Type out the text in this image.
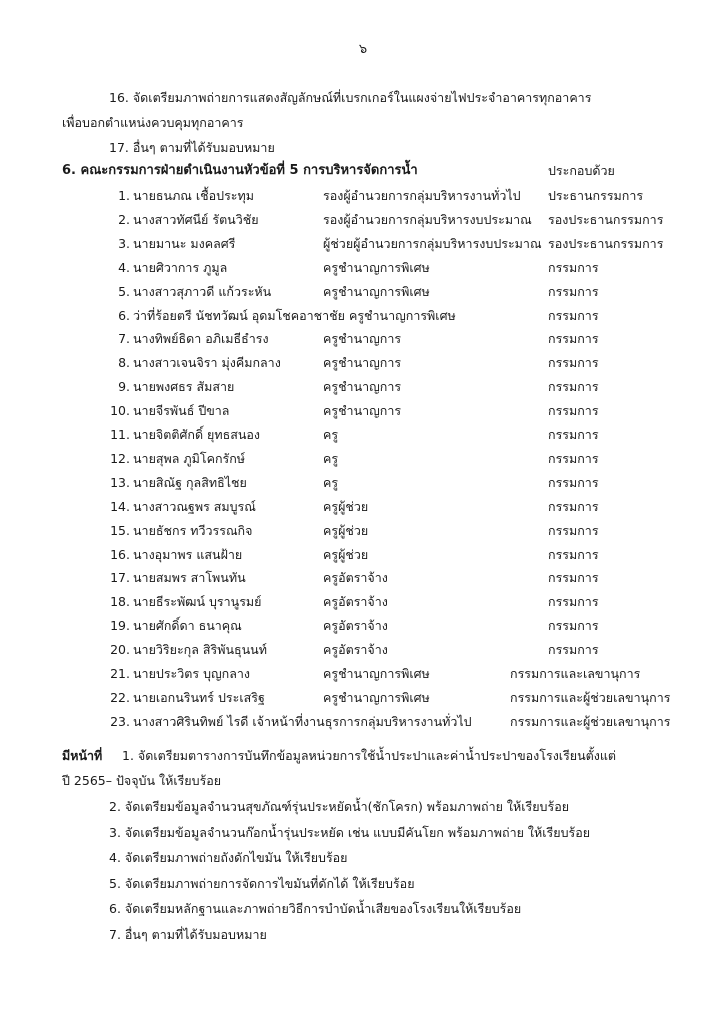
๖
16. จัดเตรียมภาพถ่ายการแสดงสัญลักษณ์ที่เบรกเกอร์ในแผงจ่ายไฟประจำอาคารทุกอาคาร
เพื่อบอกตำแหน่งควบคุมทุกอาคาร
17. อื่นๆ ตามที่ได้รับมอบหมาย
6. คณะกรรมการฝ่ายดำเนินงานหัวข้อที่ 5 การบริหารจัดการน้ำ	ประกอบด้วย
1. นายธนภณ เชื้อประทุม	รองผู้อำนวยการกลุ่มบริหารงานทั่วไป ประธานกรรมการ
2. นางสาวทัศนีย์ รัตนวิชัย	รองผู้อำนวยการกลุ่มบริหารงบประมาณ รองประธานกรรมการ
3. นายมานะ มงคลศรี	ผู้ช่วยผู้อำนวยการกลุ่มบริหารงบประมาณ รองประธานกรรมการ
4. นายศิวาการ ภูมูล	ครูชำนาญการพิเศษ	กรรมการ
5. นางสาวสุภาวดี แก้วระหัน	ครูชำนาญการพิเศษ	กรรมการ
6. ว่าที่ร้อยตรี นัชทวัฒน์ อุดมโชคอาชาชัย ครูชำนาญการพิเศษ	กรรมการ
7. นางทิพย์ธิดา อภิเมธีธำรง	ครูชำนาญการ	กรรมการ
8. นางสาวเจนจิรา มุ่งคีมกลาง	ครูชำนาญการ	กรรมการ
9. นายพงศธร สัมสาย	ครูชำนาญการ	กรรมการ
10. นายจีรพันธ์ ปีขาล	ครูชำนาญการ	กรรมการ
11. นายจิตติศักดิ์ ยุทธสนอง	ครู	กรรมการ
12. นายสุพล ภูมิโคกรักษ์	ครู	กรรมการ
13. นายสิณัฐ กุลสิทธิไชย	ครู	กรรมการ
14. นางสาวณฐพร สมบูรณ์	ครูผู้ช่วย	กรรมการ
15. นายธัชกร ทวีวรรณกิจ	ครูผู้ช่วย	กรรมการ
16. นางอุมาพร แสนฝ้าย	ครูผู้ช่วย	กรรมการ
17. นายสมพร สาโพนทัน	ครูอัตราจ้าง	กรรมการ
18. นายธีระพัฒน์ บุรานูรมย์	ครูอัตราจ้าง	กรรมการ
19. นายศักดิ์ดา ธนาคุณ	ครูอัตราจ้าง	กรรมการ
20. นายวิริยะกุล สิริพันธุนนท์	ครูอัตราจ้าง	กรรมการ
21. นายประวิตร บุญกลาง	ครูชำนาญการพิเศษ	กรรมการและเลขานุการ
22. นายเอกนรินทร์ ประเสริฐ	ครูชำนาญการพิเศษ	กรรมการและผู้ช่วยเลขานุการ
23. นางสาวศิรินทิพย์ ไรดี เจ้าหน้าที่งานธุรการกลุ่มบริหารงานทั่วไป	กรรมการและผู้ช่วยเลขานุการ
มีหน้าที่ 1. จัดเตรียมตารางการบันทึกข้อมูลหน่วยการใช้น้ำประปาและค่าน้ำประปาของโรงเรียนตั้งแต่
ปี 2565– ปัจจุบัน ให้เรียบร้อย
2. จัดเตรียมข้อมูลจำนวนสุขภัณฑ์รุ่นประหยัดน้ำ(ชักโครก) พร้อมภาพถ่าย ให้เรียบร้อย
3. จัดเตรียมข้อมูลจำนวนก๊อกน้ำรุ่นประหยัด เช่น แบบมีคันโยก พร้อมภาพถ่าย ให้เรียบร้อย
4. จัดเตรียมภาพถ่ายถังดักไขมัน ให้เรียบร้อย
5. จัดเตรียมภาพถ่ายการจัดการไขมันที่ดักได้ ให้เรียบร้อย
6. จัดเตรียมหลักฐานและภาพถ่ายวิธีการบำบัดน้ำเสียของโรงเรียนให้เรียบร้อย
7. อื่นๆ ตามที่ได้รับมอบหมาย
